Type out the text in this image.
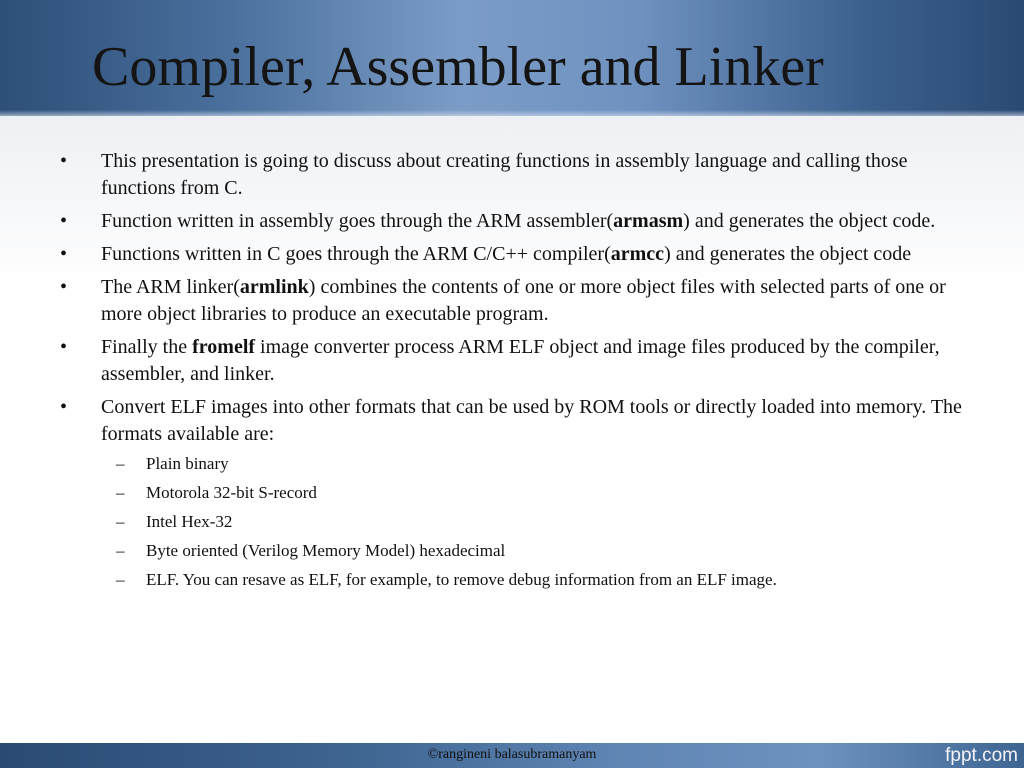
Compiler, Assembler and Linker
•	This presentation is going to discuss about creating functions in assembly language and calling those functions from C.
•	Function written in assembly goes through the ARM assembler(armasm) and generates the object code.
•	Functions written in C goes through the ARM C/C++ compiler(armcc) and generates the object code
•	The ARM linker(armlink) combines the contents of one or more object files with selected parts of one or more object libraries to produce an executable program.
•	Finally the fromelf image converter process ARM ELF object and image files produced by the compiler, assembler, and linker.
•	Convert ELF images into other formats that can be used by ROM tools or directly loaded into memory. The formats available are:
– Plain binary
– Motorola 32-bit S-record
– Intel Hex-32
– Byte oriented (Verilog Memory Model) hexadecimal
– ELF. You can resave as ELF, for example, to remove debug information from an ELF image.
©rangineni balasubramanyam	fppt.com
